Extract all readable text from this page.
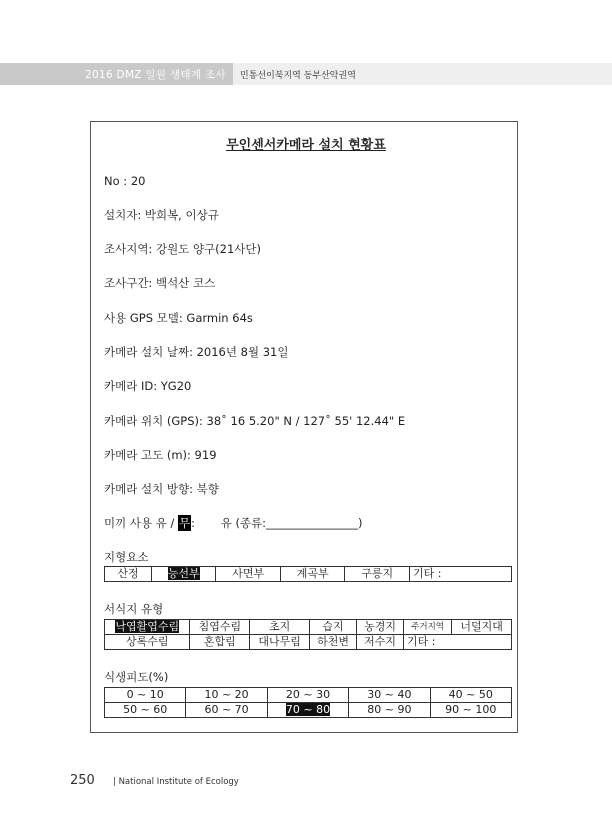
2016 DMZ 일원 생태계 조사 민통선이북지역 동부산악권역
무인센서카메라 설치 현황표
No : 20
설치자: 박희복, 이상규
조사지역: 강원도 양구(21사단)
조사구간: 백석산 코스
사용 GPS 모델: Garmin 64s
카메라 설치 날짜: 2016년 8월 31일
카메라 ID: YG20
카메라 위치 (GPS): 38˚ 16 5.20" N / 127˚ 55' 12.44" E
카메라 고도 (m): 919
카메라 설치 방향: 북향
미끼 사용 유 / 무: 유 (종류:________________)
지형요소
산정	능선부	사면부	계곡부	구릉지	기타 :
서식지 유형
낙엽활엽수림	침엽수림	초지	습지	농경지	주거지역	너덜지대
상록수림	혼합림	대나무림	하천변	저수지	기타 :	
식생피도(%)
0 ~ 10	10 ~ 20	20 ~ 30	30 ~ 40	40 ~ 50
50 ~ 60	60 ~ 70	70 ~ 80	80 ~ 90	90 ~ 100
250 | National Institute of Ecology
